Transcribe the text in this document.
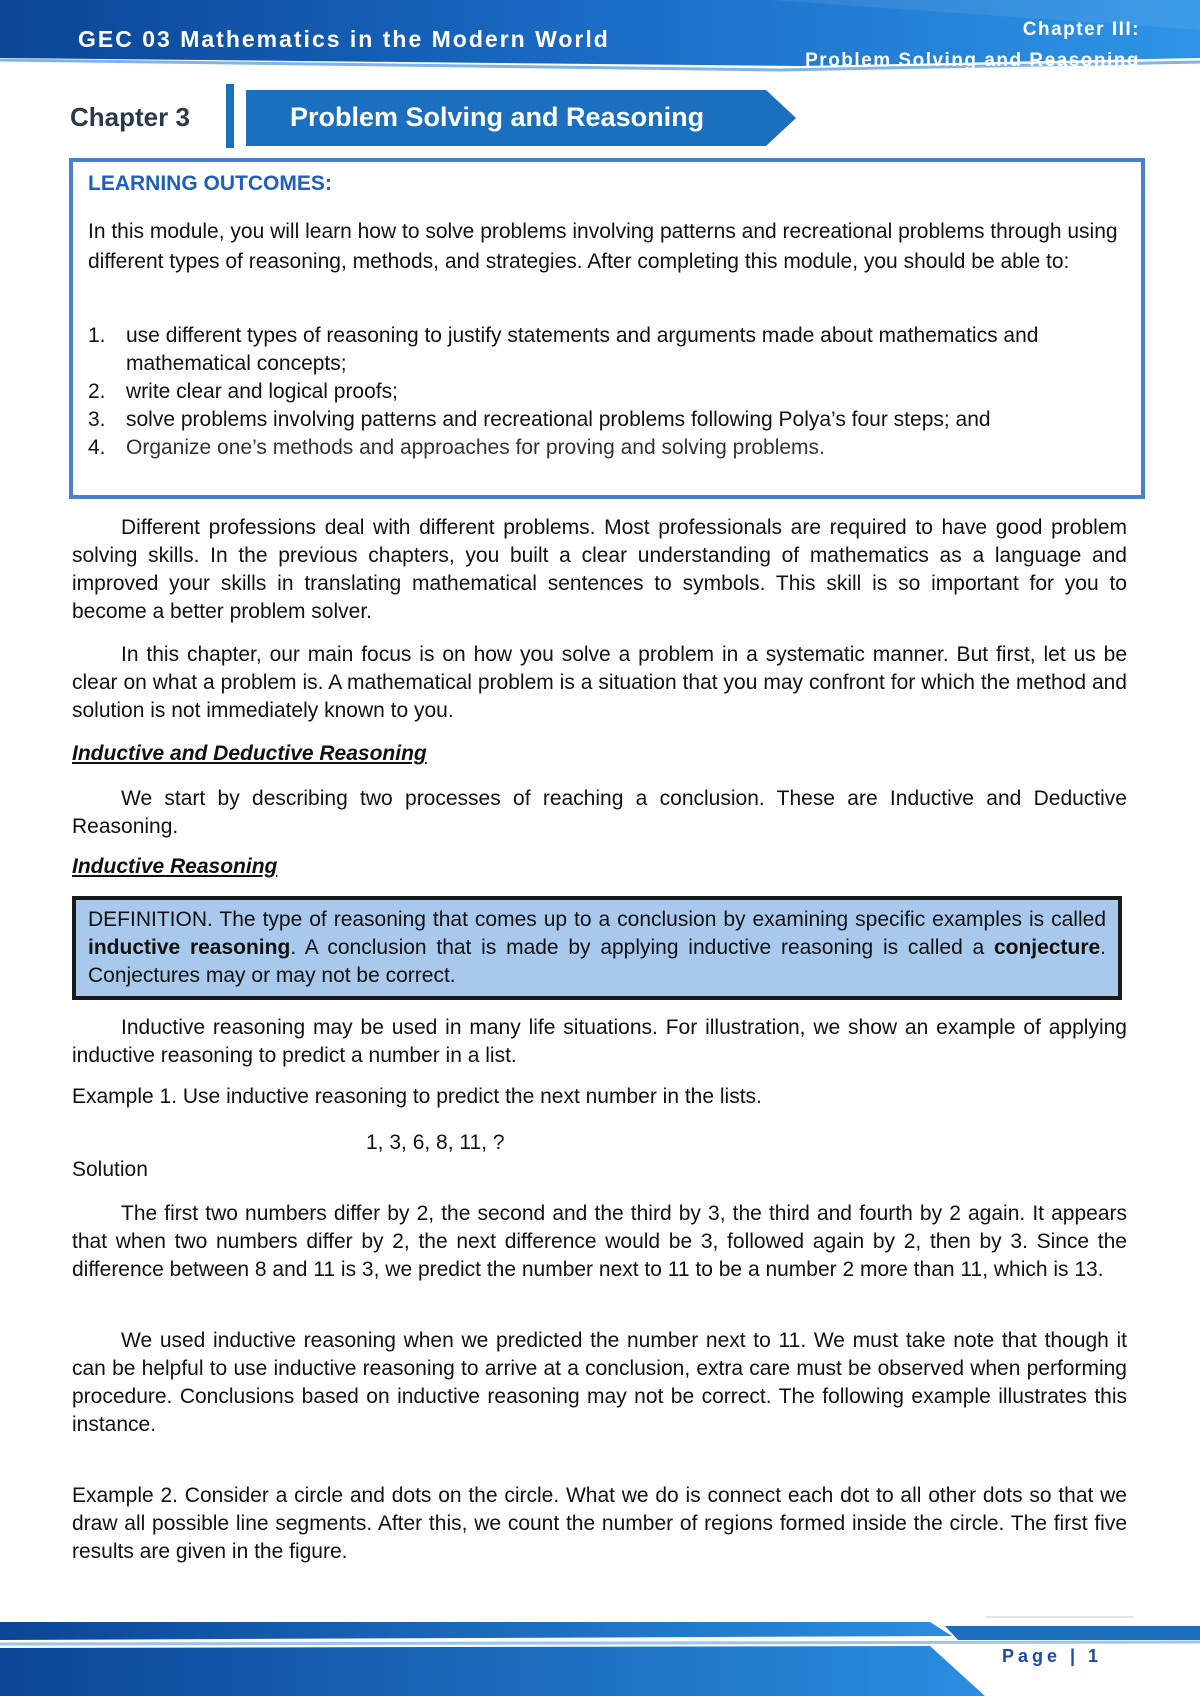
GEC 03 Mathematics in the Modern World	Chapter III:
Problem Solving and Reasoning
Chapter 3	Problem Solving and Reasoning
LEARNING OUTCOMES:
In this module, you will learn how to solve problems involving patterns and recreational problems through using different types of reasoning, methods, and strategies. After completing this module, you should be able to:
1. use different types of reasoning to justify statements and arguments made about mathematics and mathematical concepts;
2. write clear and logical proofs;
3. solve problems involving patterns and recreational problems following Polya’s four steps; and
4. Organize one’s methods and approaches for proving and solving problems.
Different professions deal with different problems. Most professionals are required to have good problem solving skills. In the previous chapters, you built a clear understanding of mathematics as a language and improved your skills in translating mathematical sentences to symbols. This skill is so important for you to become a better problem solver.
In this chapter, our main focus is on how you solve a problem in a systematic manner. But first, let us be clear on what a problem is. A mathematical problem is a situation that you may confront for which the method and solution is not immediately known to you.
Inductive and Deductive Reasoning
We start by describing two processes of reaching a conclusion. These are Inductive and Deductive Reasoning.
Inductive Reasoning
DEFINITION. The type of reasoning that comes up to a conclusion by examining specific examples is called inductive reasoning. A conclusion that is made by applying inductive reasoning is called a conjecture. Conjectures may or may not be correct.
Inductive reasoning may be used in many life situations. For illustration, we show an example of applying inductive reasoning to predict a number in a list.
Example 1. Use inductive reasoning to predict the next number in the lists.
1, 3, 6, 8, 11, ?
Solution
The first two numbers differ by 2, the second and the third by 3, the third and fourth by 2 again. It appears that when two numbers differ by 2, the next difference would be 3, followed again by 2, then by 3. Since the difference between 8 and 11 is 3, we predict the number next to 11 to be a number 2 more than 11, which is 13.
We used inductive reasoning when we predicted the number next to 11. We must take note that though it can be helpful to use inductive reasoning to arrive at a conclusion, extra care must be observed when performing procedure. Conclusions based on inductive reasoning may not be correct. The following example illustrates this instance.
Example 2. Consider a circle and dots on the circle. What we do is connect each dot to all other dots so that we draw all possible line segments. After this, we count the number of regions formed inside the circle. The first five results are given in the figure.
Page | 1
